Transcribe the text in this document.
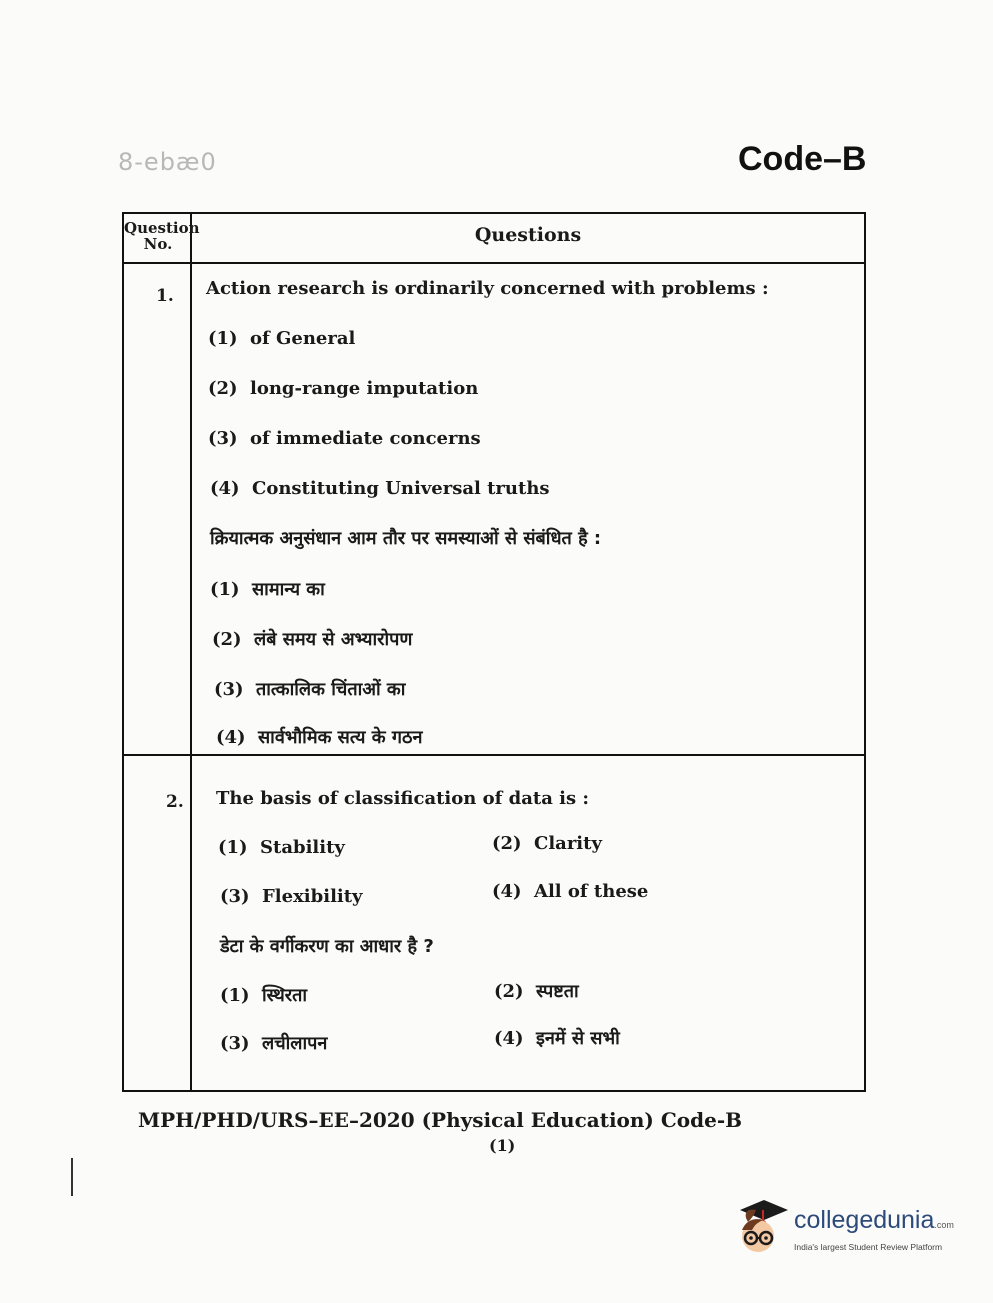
8-ebæ0	Code–B
Question
No.	Questions
1. Action research is ordinarily concerned with problems :
(1) of General
(2) long-range imputation
(3) of immediate concerns
(4) Constituting Universal truths
क्रियात्मक अनुसंधान आम तौर पर समस्याओं से संबंधित है :
(1) सामान्य का
(2) लंबे समय से अभ्यारोपण
(3) तात्कालिक चिंताओं का
(4) सार्वभौमिक सत्य के गठन
2. The basis of classification of data is :
(1) Stability	(2) Clarity
(3) Flexibility	(4) All of these
डेटा के वर्गीकरण का आधार है ?
(1) स्थिरता	(2) स्पष्टता
(3) लचीलापन	(4) इनमें से सभी
MPH/PHD/URS–EE–2020 (Physical Education) Code-B
(1)
collegedunia.com
India's largest Student Review Platform
